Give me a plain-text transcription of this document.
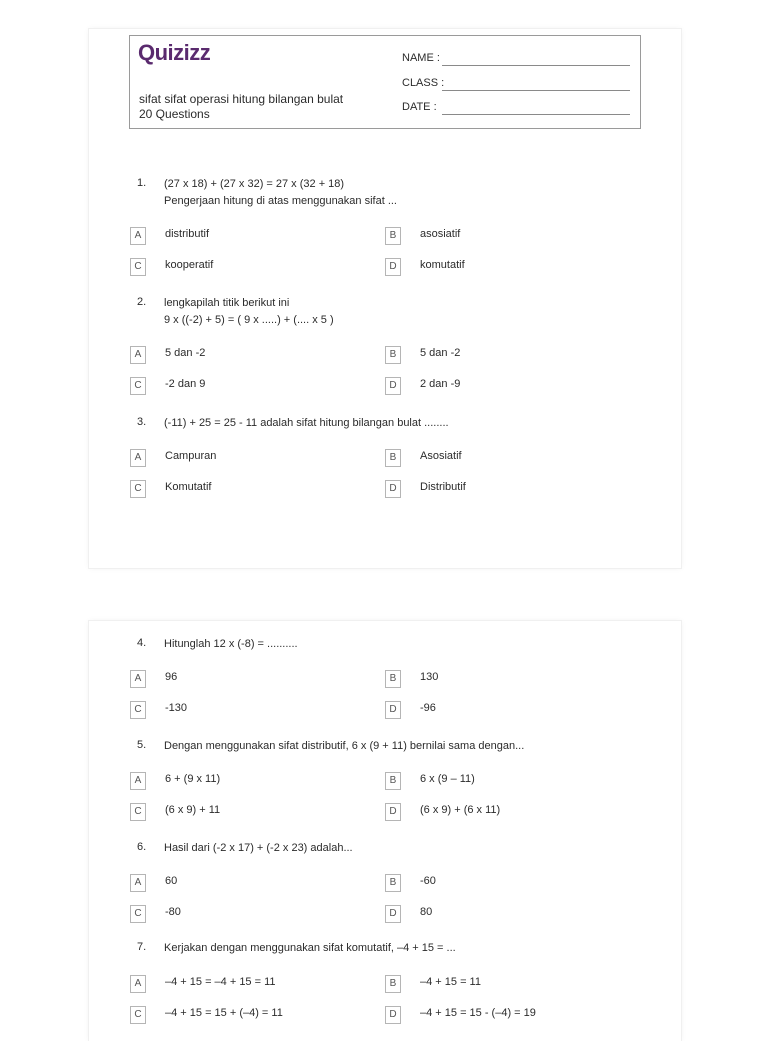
Quizizz
sifat sifat operasi hitung bilangan bulat
20 Questions
NAME :
CLASS :
DATE :
1. (27 x 18) + (27 x 32) = 27 x (32 + 18)
Pengerjaan hitung di atas menggunakan sifat ...
A	distributif	B	asosiatif
C	kooperatif	D	komutatif
2. lengkapilah titik berikut ini
9 x ((-2) + 5) = ( 9 x .....) + (.... x 5 )
A	5 dan -2	B	5 dan -2
C	-2 dan 9	D	2 dan -9
3. (-11) + 25 = 25 - 11 adalah sifat hitung bilangan bulat ........
A	Campuran	B	Asosiatif
C	Komutatif	D	Distributif
4. Hitunglah 12 x (-8) = ..........
A	96	B	130
C	-130	D	-96
5. Dengan menggunakan sifat distributif, 6 x (9 + 11) bernilai sama dengan...
A	6 + (9 x 11)	B	6 x (9 – 11)
C	(6 x 9) + 11	D	(6 x 9) + (6 x 11)
6. Hasil dari (-2 x 17) + (-2 x 23) adalah...
A	60	B	-60
C	-80	D	80
7. Kerjakan dengan menggunakan sifat komutatif, –4 + 15 = ...
A	–4 + 15 = –4 + 15 = 11	B	–4 + 15 = 11
C	–4 + 15 = 15 + (–4) = 11	D	–4 + 15 = 15 - (–4) = 19
